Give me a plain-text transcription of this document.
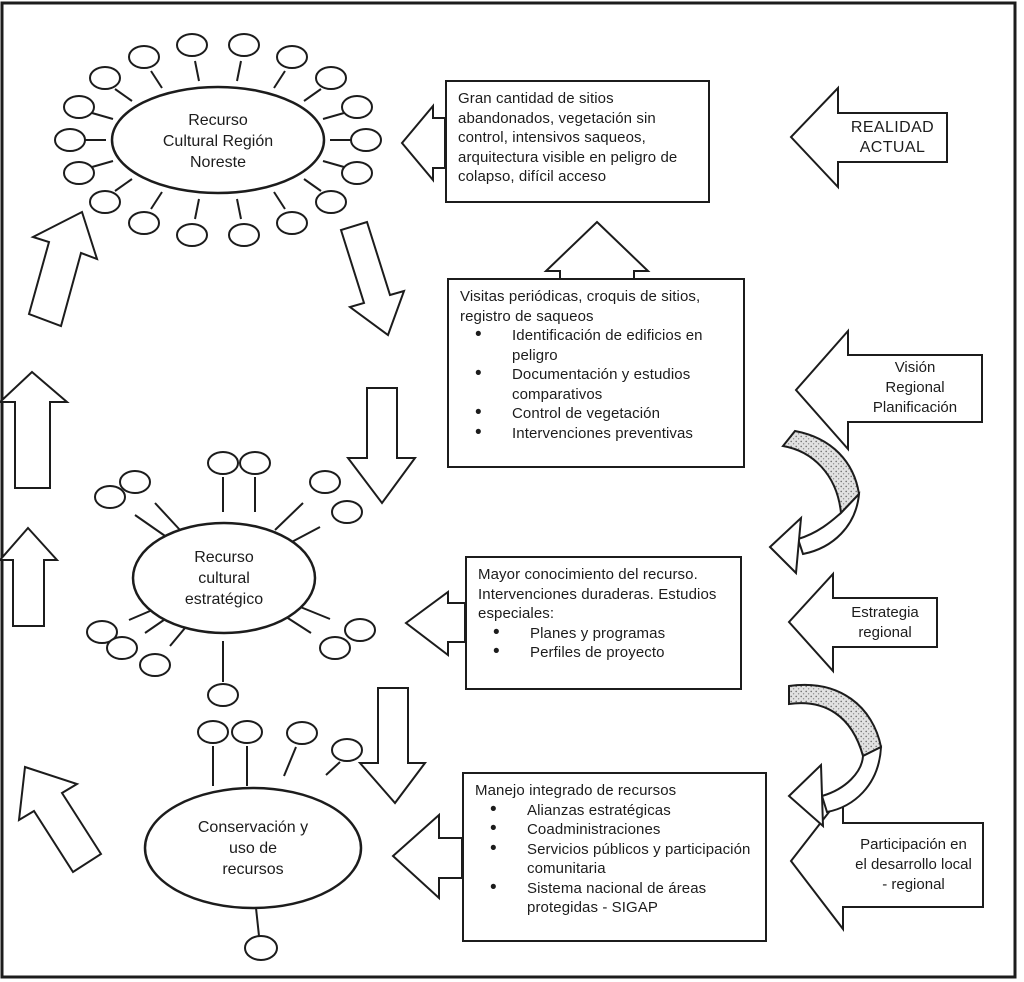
Recurso
Cultural Región
Noreste
Recurso
cultural
estratégico
Conservación y
uso de
recursos

Gran cantidad de sitios abandonados, vegetación sin control, intensivos saqueos, arquitectura visible en peligro de colapso, difícil acceso

Visitas periódicas, croquis de sitios, registro de saqueos

• Identificación de edificios en peligro
• Documentación y estudios comparativos
• Control de vegetación
• Intervenciones preventivas

Mayor conocimiento del recurso. Intervenciones duraderas. Estudios especiales:

• Planes y programas
• Perfiles de proyecto

Manejo integrado de recursos

• Alianzas estratégicas
• Coadministraciones
• Servicios públicos y participación comunitaria
• Sistema nacional de áreas protegidas - SIGAP
REALIDAD
ACTUAL
Visión
Regional
Planificación
Estrategia
regional
Participación en
el desarrollo local
- regional
